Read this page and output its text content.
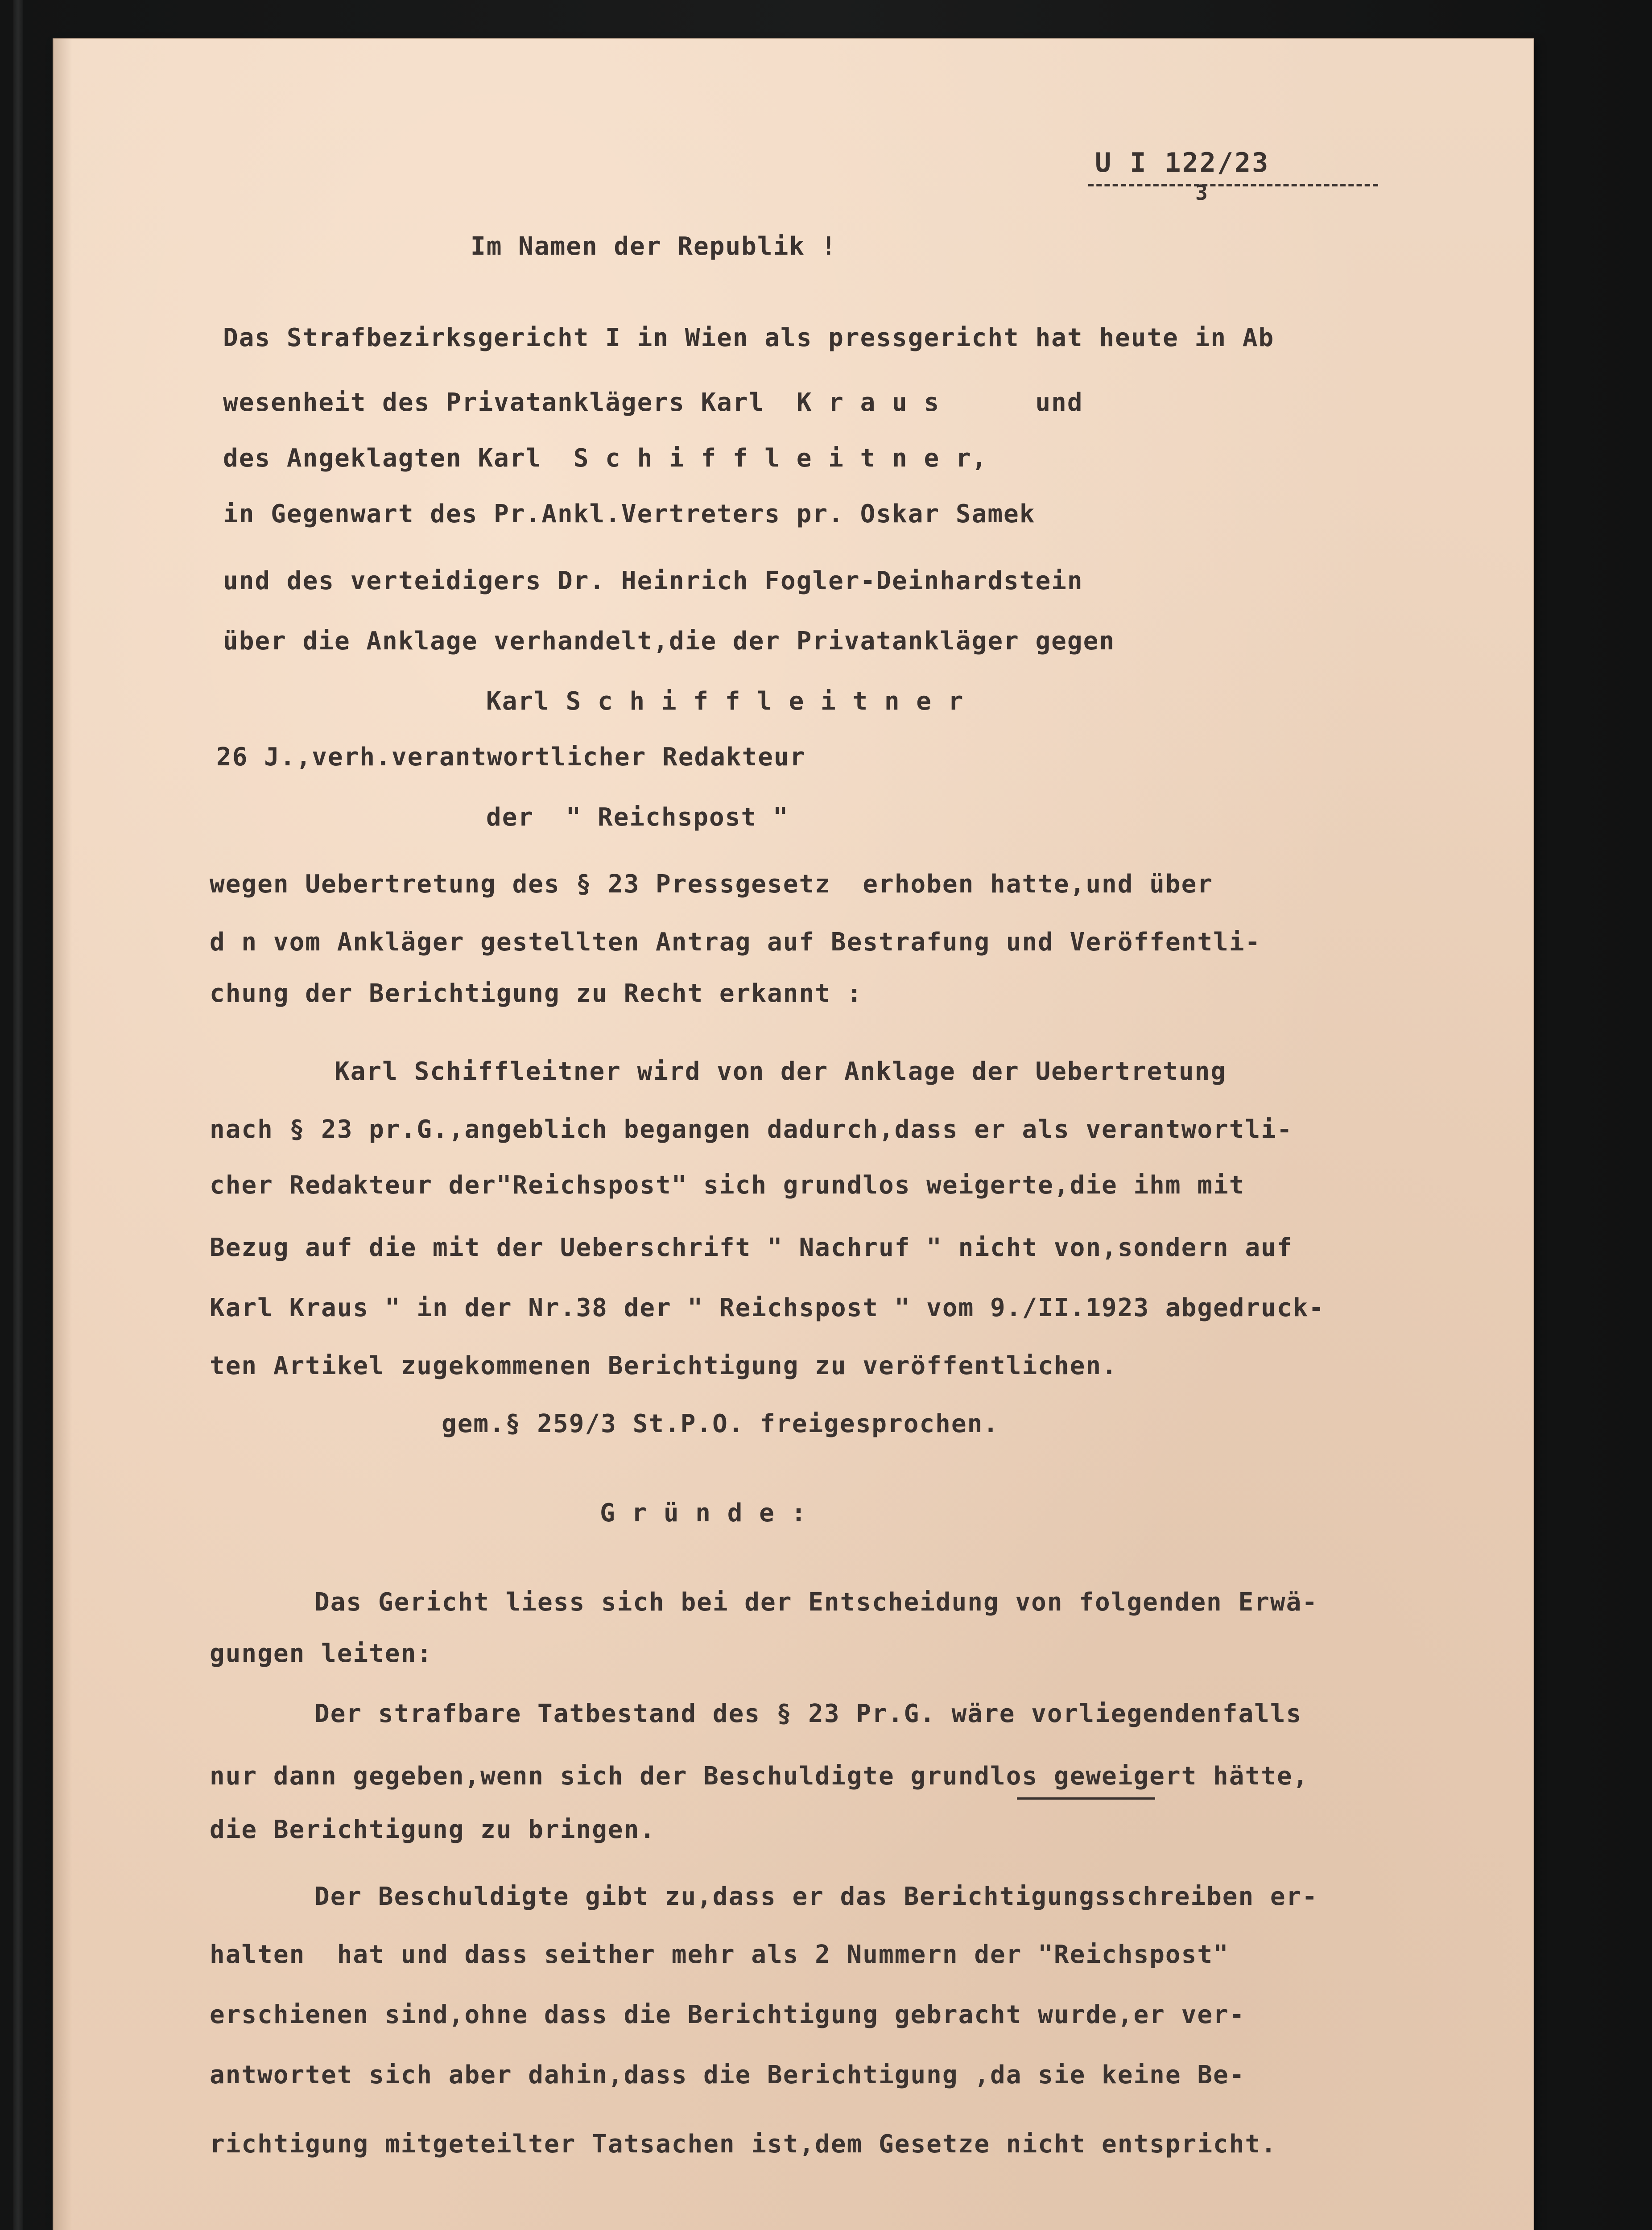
U I 122/23
3
Im Namen der Republik !
Das Strafbezirksgericht I in Wien als pressgericht hat heute in Ab
wesenheit des Privatanklägers Karl  K r a u s      und
des Angeklagten Karl  S c h i f f l e i t n e r,
in Gegenwart des Pr.Ankl.Vertreters pr. Oskar Samek
und des verteidigers Dr. Heinrich Fogler-Deinhardstein
über die Anklage verhandelt,die der Privatankläger gegen
Karl S c h i f f l e i t n e r
26 J.,verh.verantwortlicher Redakteur
der  " Reichspost "
wegen Uebertretung des § 23 Pressgesetz  erhoben hatte,und über
d n vom Ankläger gestellten Antrag auf Bestrafung und Veröffentli-
chung der Berichtigung zu Recht erkannt :
Karl Schiffleitner wird von der Anklage der Uebertretung
nach § 23 pr.G.,angeblich begangen dadurch,dass er als verantwortli-
cher Redakteur der"Reichspost" sich grundlos weigerte,die ihm mit
Bezug auf die mit der Ueberschrift " Nachruf " nicht von,sondern auf
Karl Kraus " in der Nr.38 der " Reichspost " vom 9./II.1923 abgedruck-
ten Artikel zugekommenen Berichtigung zu veröffentlichen.
gem.§ 259/3 St.P.O. freigesprochen.
G r ü n d e :
Das Gericht liess sich bei der Entscheidung von folgenden Erwä-
gungen leiten:
Der strafbare Tatbestand des § 23 Pr.G. wäre vorliegendenfalls
nur dann gegeben,wenn sich der Beschuldigte grundlos geweigert hätte,
die Berichtigung zu bringen.
Der Beschuldigte gibt zu,dass er das Berichtigungsschreiben er-
halten  hat und dass seither mehr als 2 Nummern der "Reichspost"
erschienen sind,ohne dass die Berichtigung gebracht wurde,er ver-
antwortet sich aber dahin,dass die Berichtigung ,da sie keine Be-
richtigung mitgeteilter Tatsachen ist,dem Gesetze nicht entspricht.
